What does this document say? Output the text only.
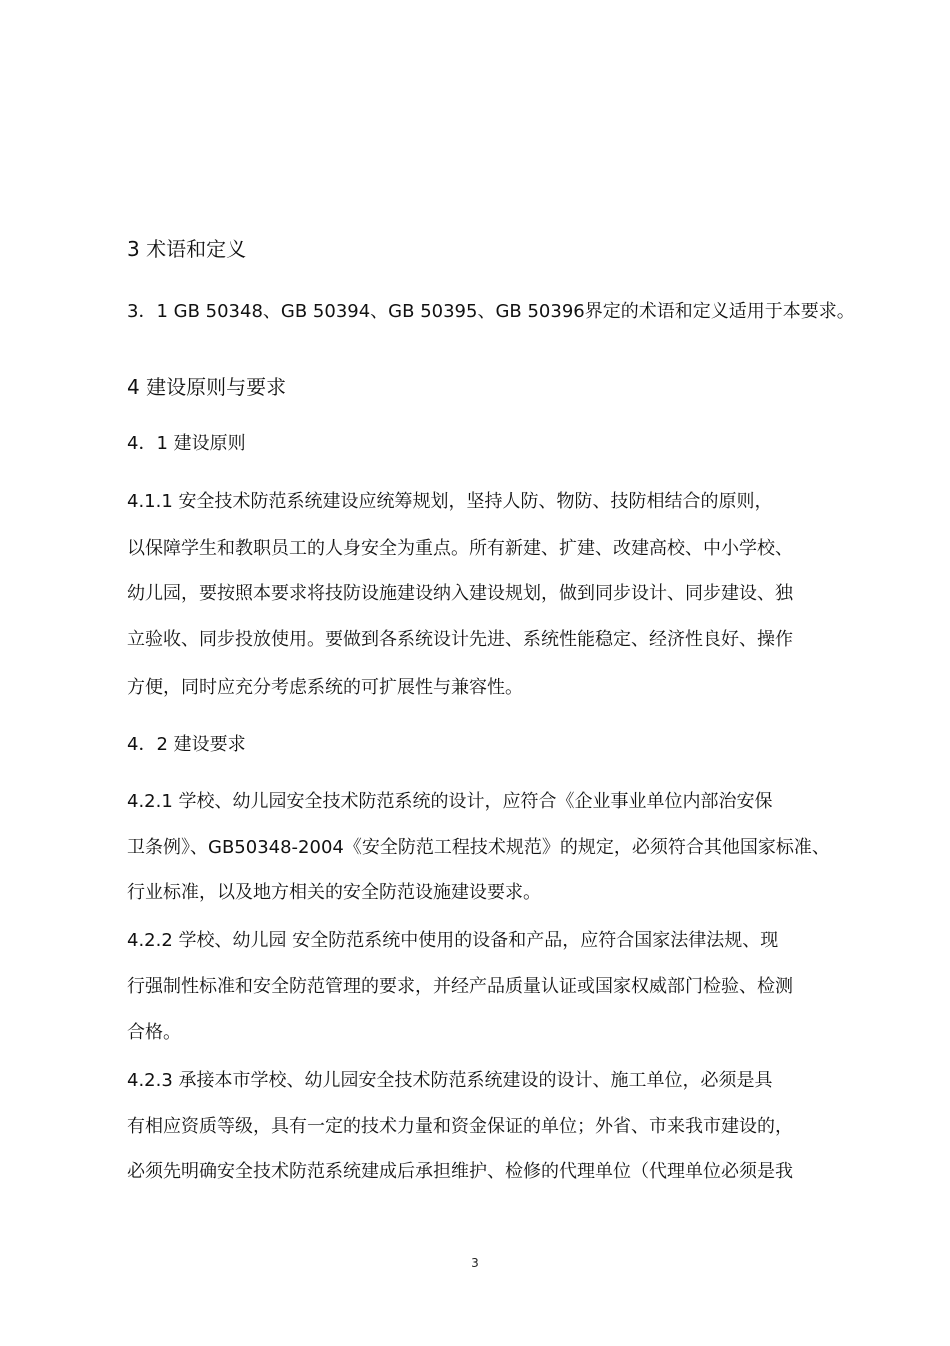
3 术语和定义
3．1 GB 50348、GB 50394、GB 50395、GB 50396界定的术语和定义适用于本要求。
4 建设原则与要求
4．1 建设原则
4.1.1 安全技术防范系统建设应统筹规划，坚持人防、物防、技防相结合的原则，
以保障学生和教职员工的人身安全为重点。所有新建、扩建、改建高校、中小学校、
幼儿园，要按照本要求将技防设施建设纳入建设规划，做到同步设计、同步建设、独
立验收、同步投放使用。要做到各系统设计先进、系统性能稳定、经济性良好、操作
方便，同时应充分考虑系统的可扩展性与兼容性。
4．2 建设要求
4.2.1 学校、幼儿园安全技术防范系统的设计，应符合《企业事业单位内部治安保
卫条例》、GB50348-2004《安全防范工程技术规范》的规定，必须符合其他国家标准、
行业标准，以及地方相关的安全防范设施建设要求。
4.2.2 学校、幼儿园 安全防范系统中使用的设备和产品，应符合国家法律法规、现
行强制性标准和安全防范管理的要求，并经产品质量认证或国家权威部门检验、检测
合格。
4.2.3 承接本市学校、幼儿园安全技术防范系统建设的设计、施工单位，必须是具
有相应资质等级，具有一定的技术力量和资金保证的单位；外省、市来我市建设的，
必须先明确安全技术防范系统建成后承担维护、检修的代理单位（代理单位必须是我
3
